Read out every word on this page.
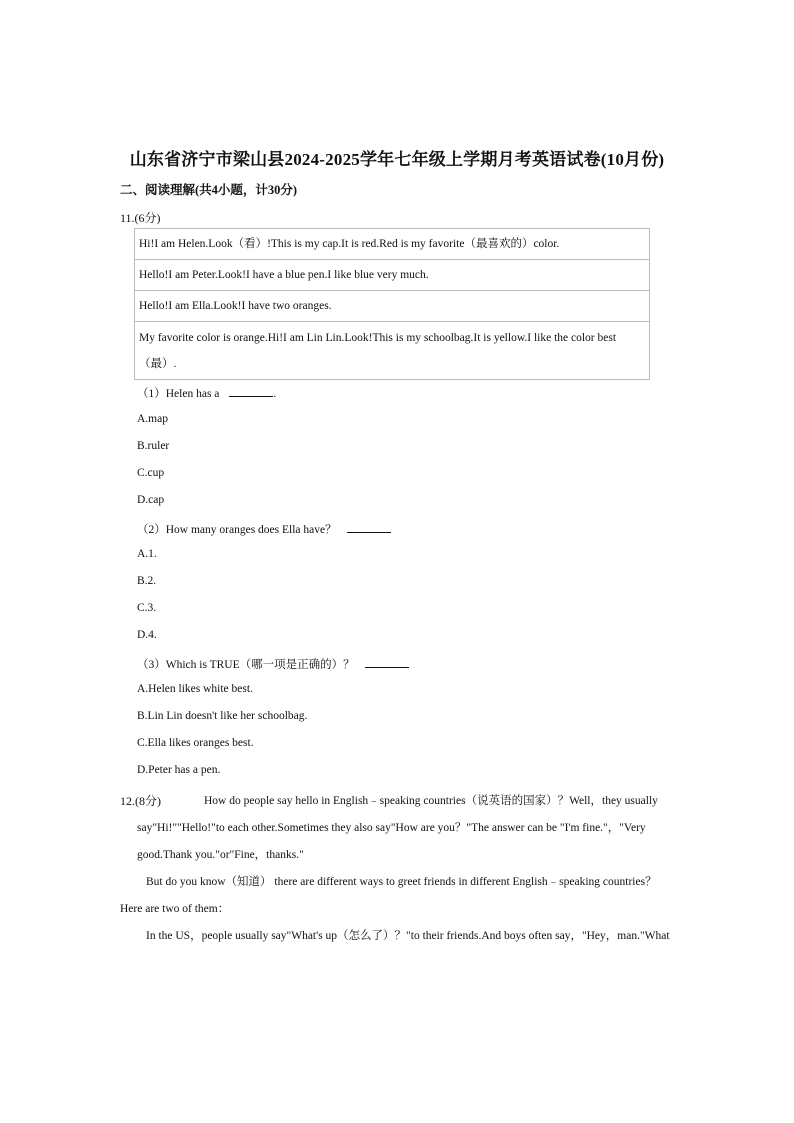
山东省济宁市梁山县2024-2025学年七年级上学期月考英语试卷(10月份)
二、阅读理解(共4小题，计30分)
11.(6分)
Hi!I am Helen.Look（看）!This is my cap.It is red.Red is my favorite（最喜欢的）color.
Hello!I am Peter.Look!I have a blue pen.I like blue very much.
Hello!I am Ella.Look!I have two oranges.

My favorite color is orange.Hi!I am Lin Lin.Look!This is my schoolbag.It is yellow.I like the color best
（最）.
（1）Helen has a	.
A.map
B.ruler
C.cup
D.cap
（2）How many oranges does Ella have？
A.1.
B.2.
C.3.
D.4.
（3）Which is TRUE（哪一项是正确的）？
A.Helen likes white best.
B.Lin Lin doesn't like her schoolbag.
C.Ella likes oranges best.
D.Peter has a pen.
12.(8分)	How do people say hello in English﹣speaking countries（说英语的国家）？Well，they usually
say"Hi!""Hello!"to each other.Sometimes they also say"How are you？"The answer can be "I'm fine."，"Very
good.Thank you."or"Fine，thanks."
But do you know（知道） there are different ways to greet friends in different English﹣speaking countries？
Here are two of them：
In the US，people usually say"What's up（怎么了）？"to their friends.And boys often say，"Hey，man."What
